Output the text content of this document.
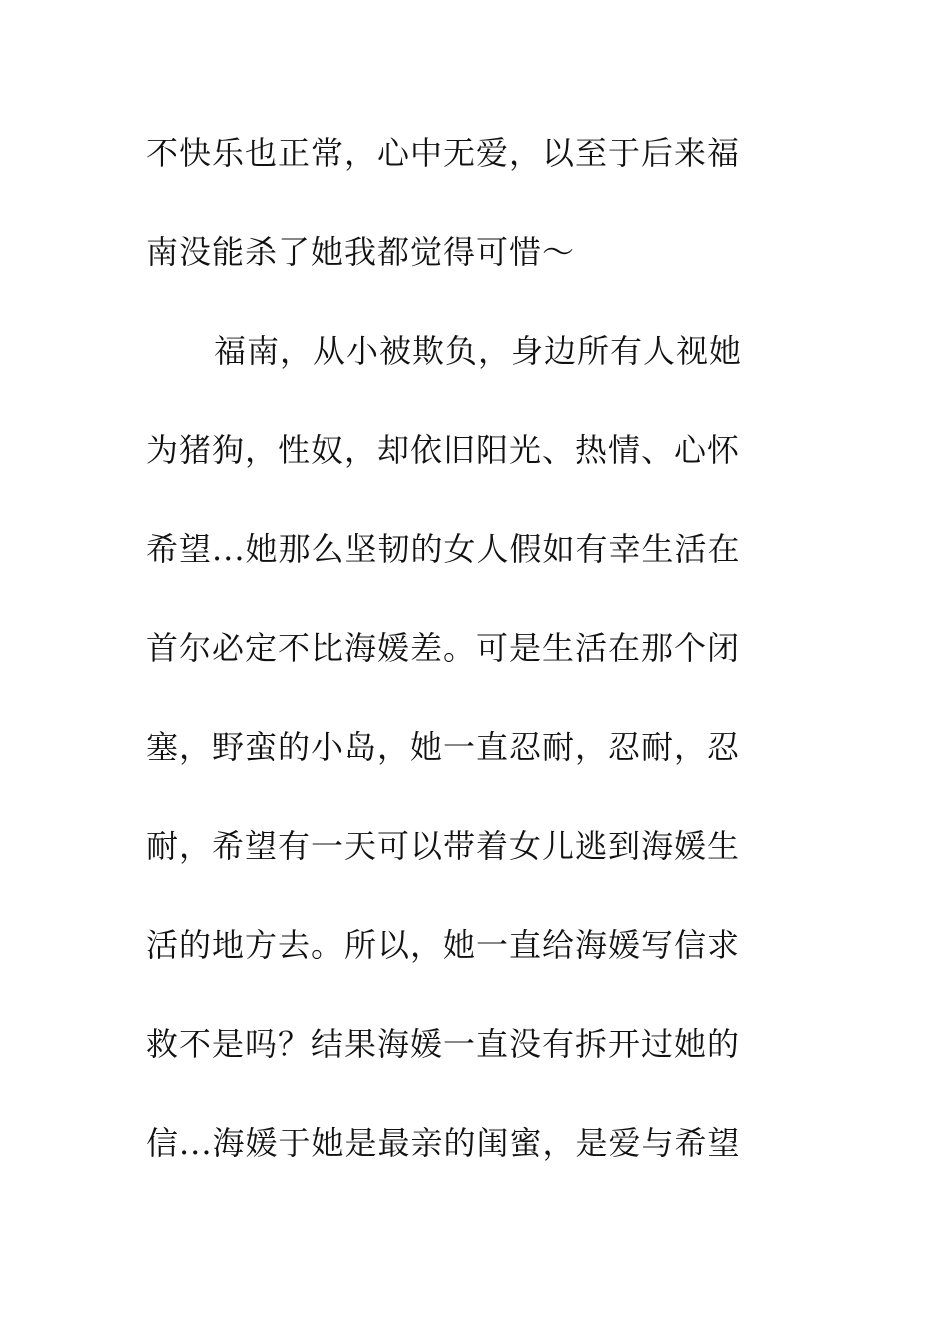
不快乐也正常，心中无爱，以至于后来福
南没能杀了她我都觉得可惜～
福南，从小被欺负，身边所有人视她
为猪狗，性奴，却依旧阳光、热情、心怀
希望...她那么坚韧的女人假如有幸生活在
首尔必定不比海媛差。可是生活在那个闭
塞，野蛮的小岛，她一直忍耐，忍耐，忍
耐，希望有一天可以带着女儿逃到海媛生
活的地方去。所以，她一直给海媛写信求
救不是吗？结果海媛一直没有拆开过她的
信...海媛于她是最亲的闺蜜，是爱与希望
